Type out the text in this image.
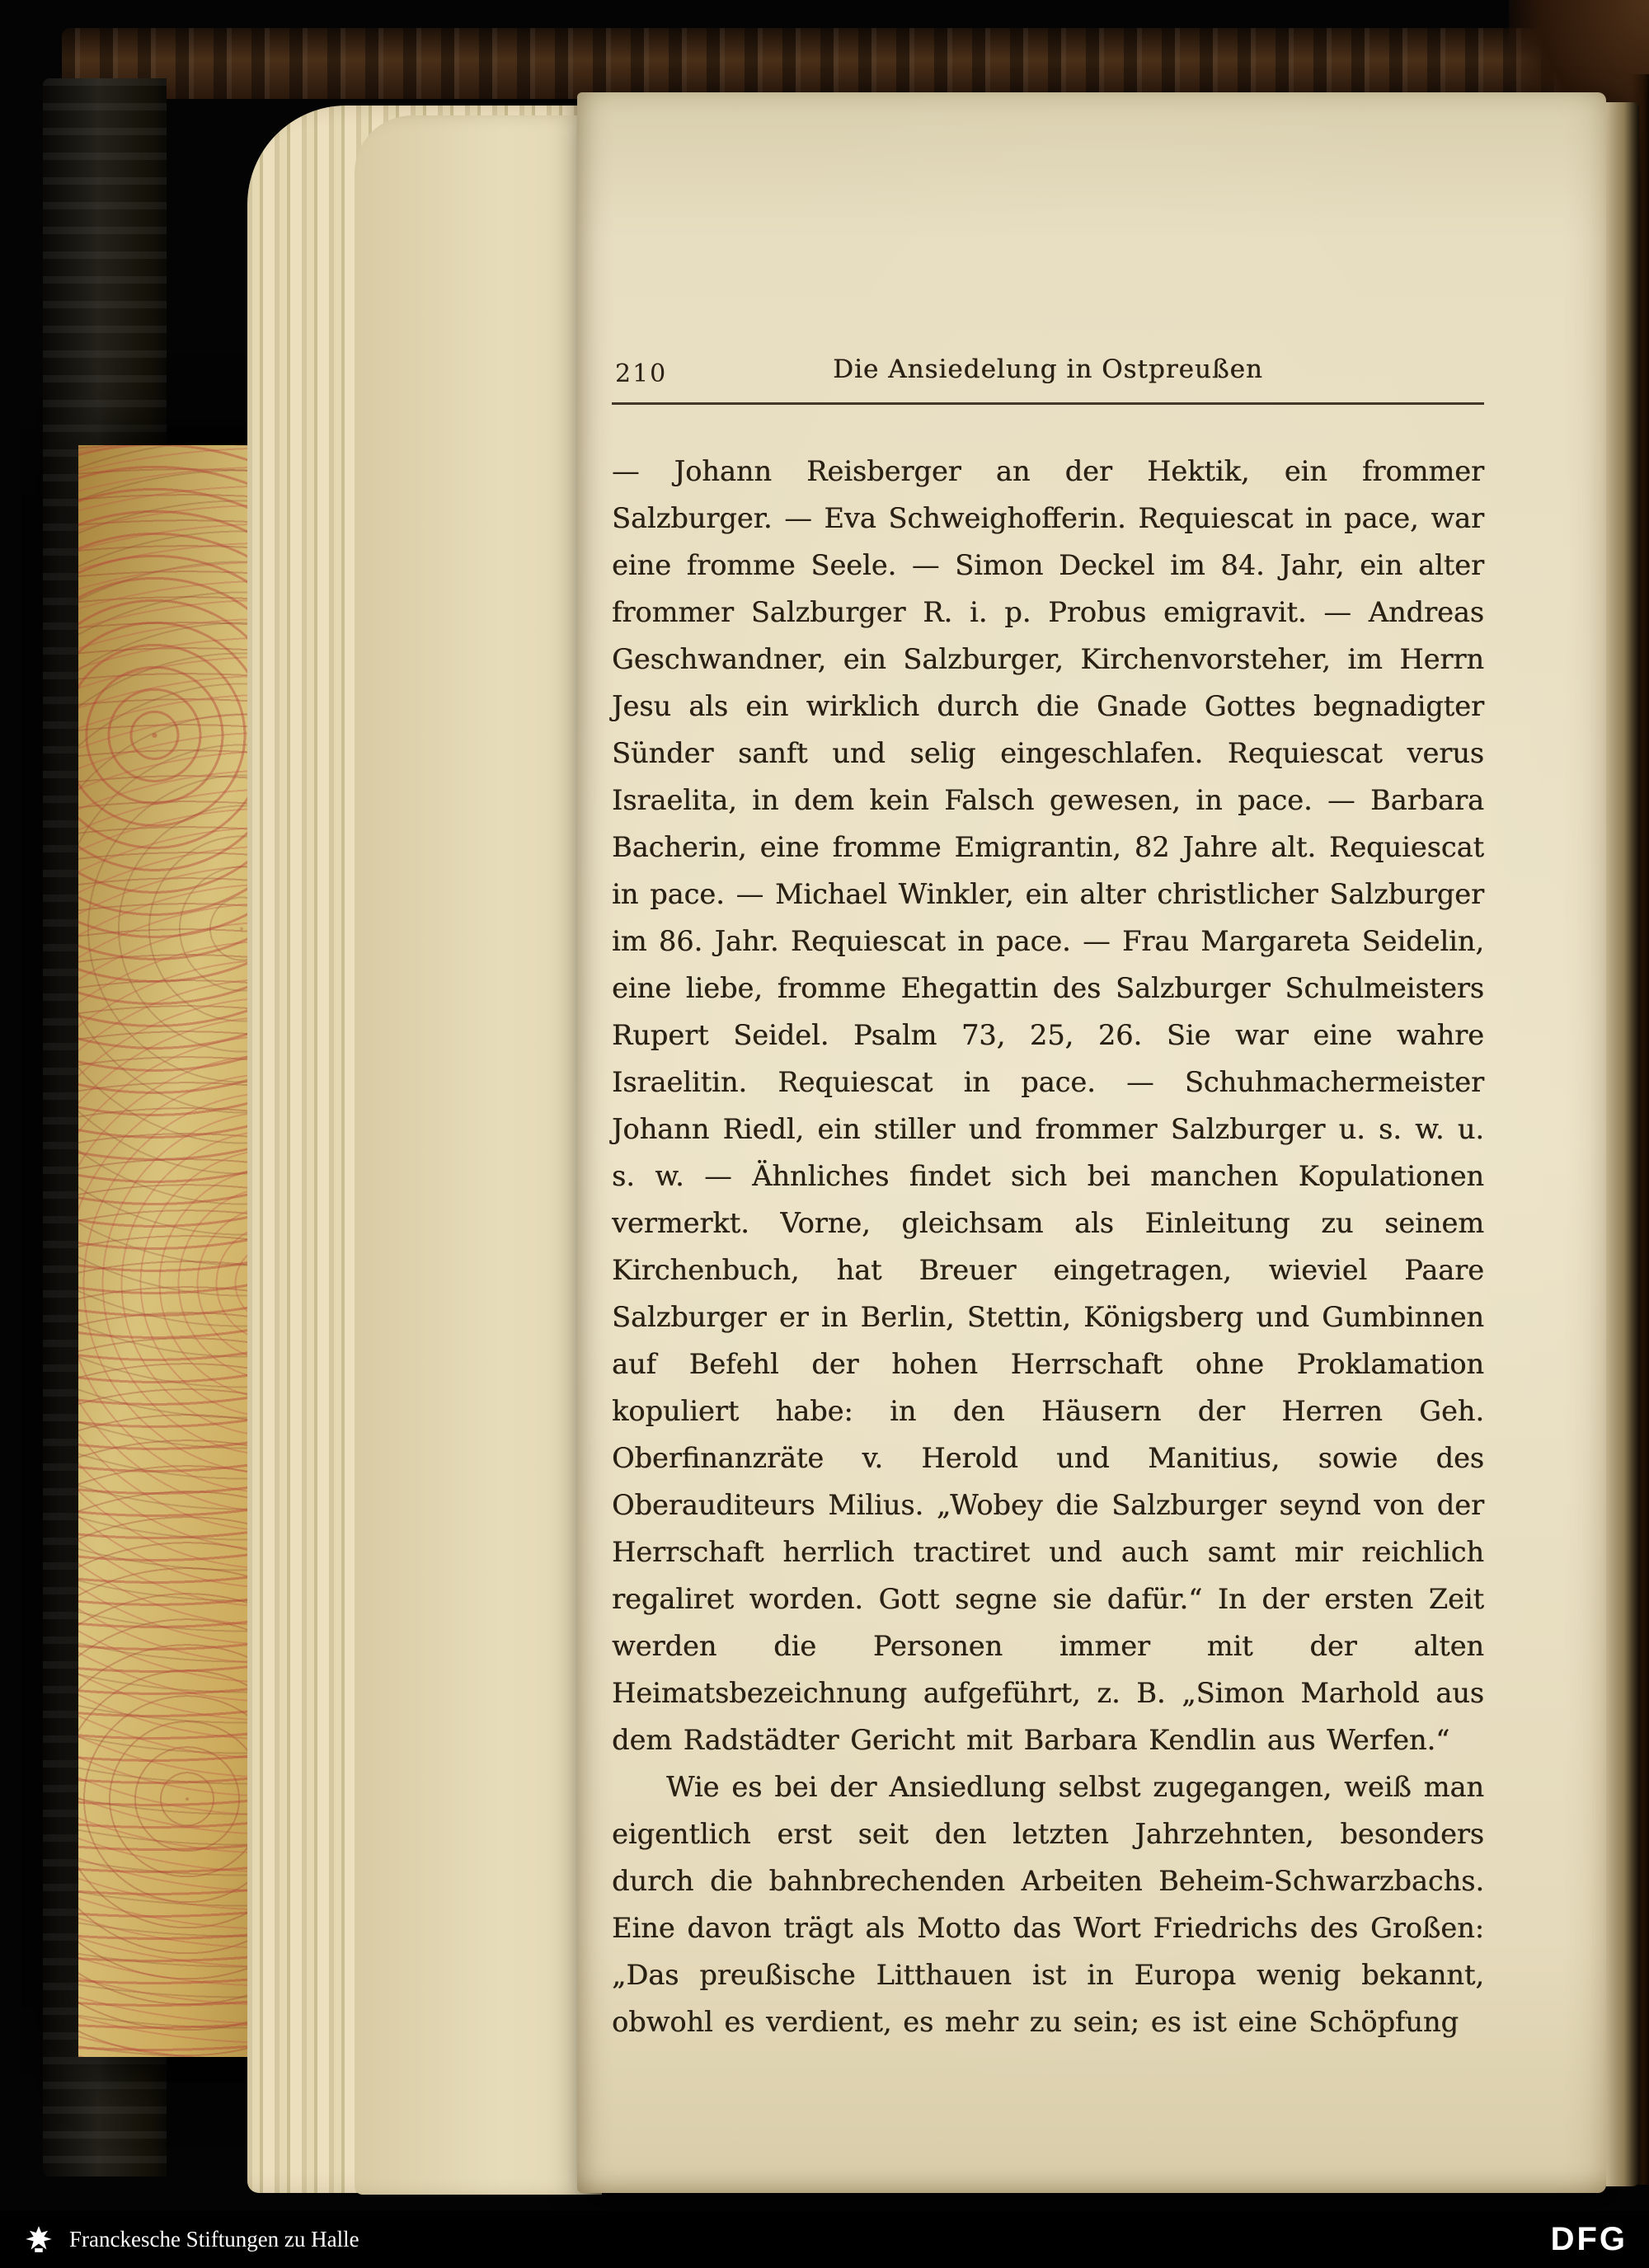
210	Die Ansiedelung in Ostpreußen

— Johann Reisberger an der Hektik, ein frommer Salzburger. — Eva Schweighofferin. Requiescat in pace, war eine fromme Seele. — Simon Deckel im 84. Jahr, ein alter frommer Salzburger R. i. p. Probus emigravit. — Andreas Geschwandner, ein Salzburger, Kirchenvorsteher, im Herrn Jesu als ein wirklich durch die Gnade Gottes begnadigter Sünder sanft und selig eingeschlafen. Requiescat verus Israelita, in dem kein Falsch gewesen, in pace. — Barbara Bacherin, eine fromme Emigrantin, 82 Jahre alt. Requiescat in pace. — Michael Winkler, ein alter christlicher Salzburger im 86. Jahr. Requiescat in pace. — Frau Margareta Seidelin, eine liebe, fromme Ehegattin des Salzburger Schulmeisters Rupert Seidel. Psalm 73, 25, 26. Sie war eine wahre Israelitin. Requiescat in pace. — Schuhmachermeister Johann Riedl, ein stiller und frommer Salzburger u. s. w. u. s. w. — Ähnliches findet sich bei manchen Kopulationen vermerkt. Vorne, gleichsam als Einleitung zu seinem Kirchenbuch, hat Breuer eingetragen, wieviel Paare Salzburger er in Berlin, Stettin, Königsberg und Gumbinnen auf Befehl der hohen Herrschaft ohne Proklamation kopuliert habe: in den Häusern der Herren Geh. Oberfinanzräte v. Herold und Manitius, sowie des Oberauditeurs Milius. „Wobey die Salzburger seynd von der Herrschaft herrlich tractiret und auch samt mir reichlich regaliret worden. Gott segne sie dafür.“ In der ersten Zeit werden die Personen immer mit der alten Heimatsbezeichnung aufgeführt, z. B. „Simon Marhold aus dem Radstädter Gericht mit Barbara Kendlin aus Werfen.“

Wie es bei der Ansiedlung selbst zugegangen, weiß man eigentlich erst seit den letzten Jahrzehnten, besonders durch die bahnbrechenden Arbeiten Beheim-Schwarzbachs. Eine davon trägt als Motto das Wort Friedrichs des Großen: „Das preußische Litthauen ist in Europa wenig bekannt, obwohl es verdient, es mehr zu sein; es ist eine Schöpfung

Franckesche Stiftungen zu Halle	DFG
